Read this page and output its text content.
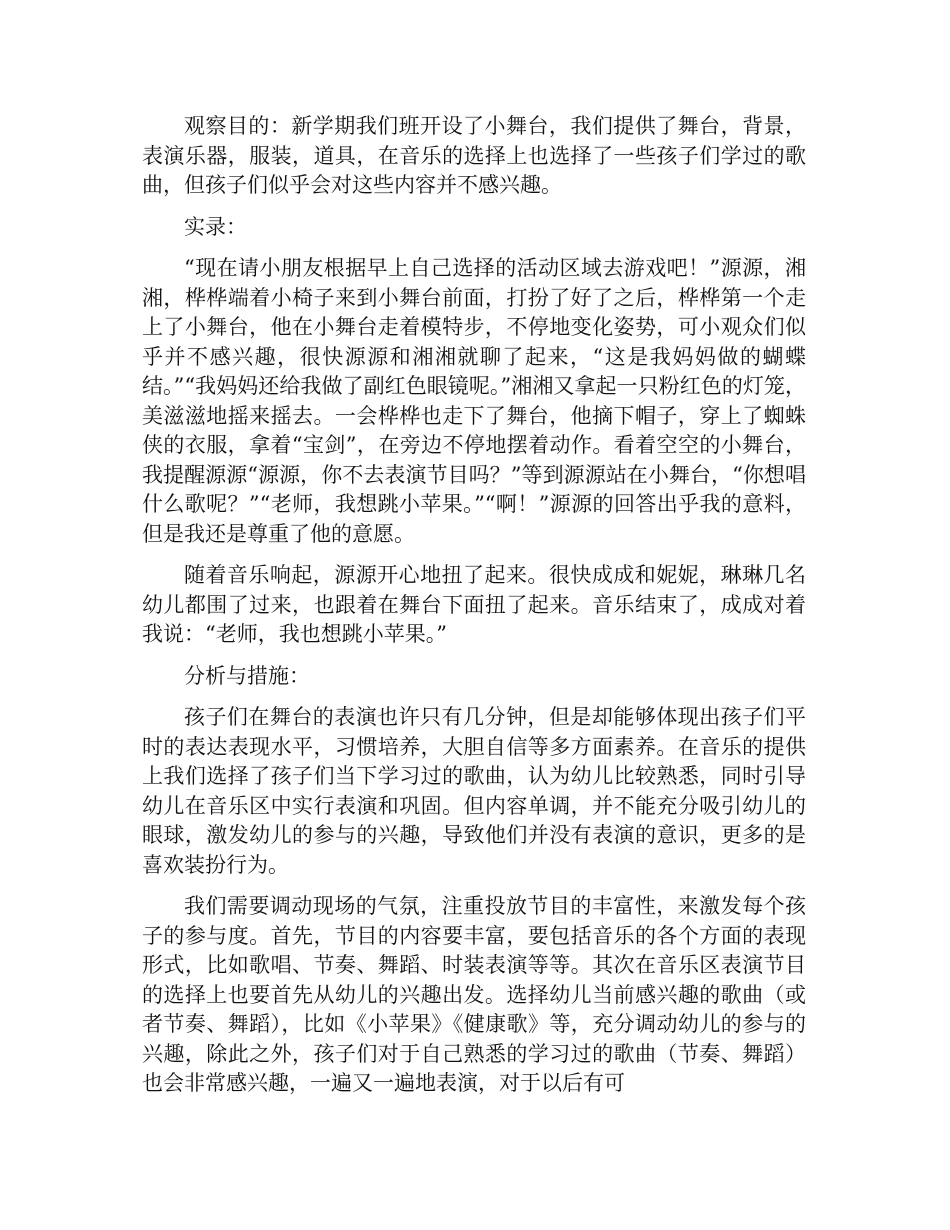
观察目的：新学期我们班开设了小舞台，我们提供了舞台，背景，表演乐器，服装，道具，在音乐的选择上也选择了一些孩子们学过的歌曲，但孩子们似乎会对这些内容并不感兴趣。

实录：

“现在请小朋友根据早上自己选择的活动区域去游戏吧！”源源，湘湘，桦桦端着小椅子来到小舞台前面，打扮了好了之后，桦桦第一个走上了小舞台，他在小舞台走着模特步，不停地变化姿势，可小观众们似乎并不感兴趣，很快源源和湘湘就聊了起来，“这是我妈妈做的蝴蝶结。”“我妈妈还给我做了副红色眼镜呢。”湘湘又拿起一只粉红色的灯笼，美滋滋地摇来摇去。一会桦桦也走下了舞台，他摘下帽子，穿上了蜘蛛侠的衣服，拿着“宝剑”，在旁边不停地摆着动作。看着空空的小舞台，我提醒源源“源源，你不去表演节目吗？”等到源源站在小舞台，“你想唱什么歌呢？”“老师，我想跳小苹果。”“啊！”源源的回答出乎我的意料，但是我还是尊重了他的意愿。

随着音乐响起，源源开心地扭了起来。很快成成和妮妮，琳琳几名幼儿都围了过来，也跟着在舞台下面扭了起来。音乐结束了，成成对着我说：“老师，我也想跳小苹果。”

分析与措施：

孩子们在舞台的表演也许只有几分钟，但是却能够体现出孩子们平时的表达表现水平，习惯培养，大胆自信等多方面素养。在音乐的提供上我们选择了孩子们当下学习过的歌曲，认为幼儿比较熟悉，同时引导幼儿在音乐区中实行表演和巩固。但内容单调，并不能充分吸引幼儿的眼球，激发幼儿的参与的兴趣，导致他们并没有表演的意识，更多的是喜欢装扮行为。

我们需要调动现场的气氛，注重投放节目的丰富性，来激发每个孩子的参与度。首先，节目的内容要丰富，要包括音乐的各个方面的表现形式，比如歌唱、节奏、舞蹈、时装表演等等。其次在音乐区表演节目的选择上也要首先从幼儿的兴趣出发。选择幼儿当前感兴趣的歌曲（或者节奏、舞蹈），比如《小苹果》《健康歌》等，充分调动幼儿的参与的兴趣，除此之外，孩子们对于自己熟悉的学习过的歌曲（节奏、舞蹈）也会非常感兴趣，一遍又一遍地表演，对于以后有可
